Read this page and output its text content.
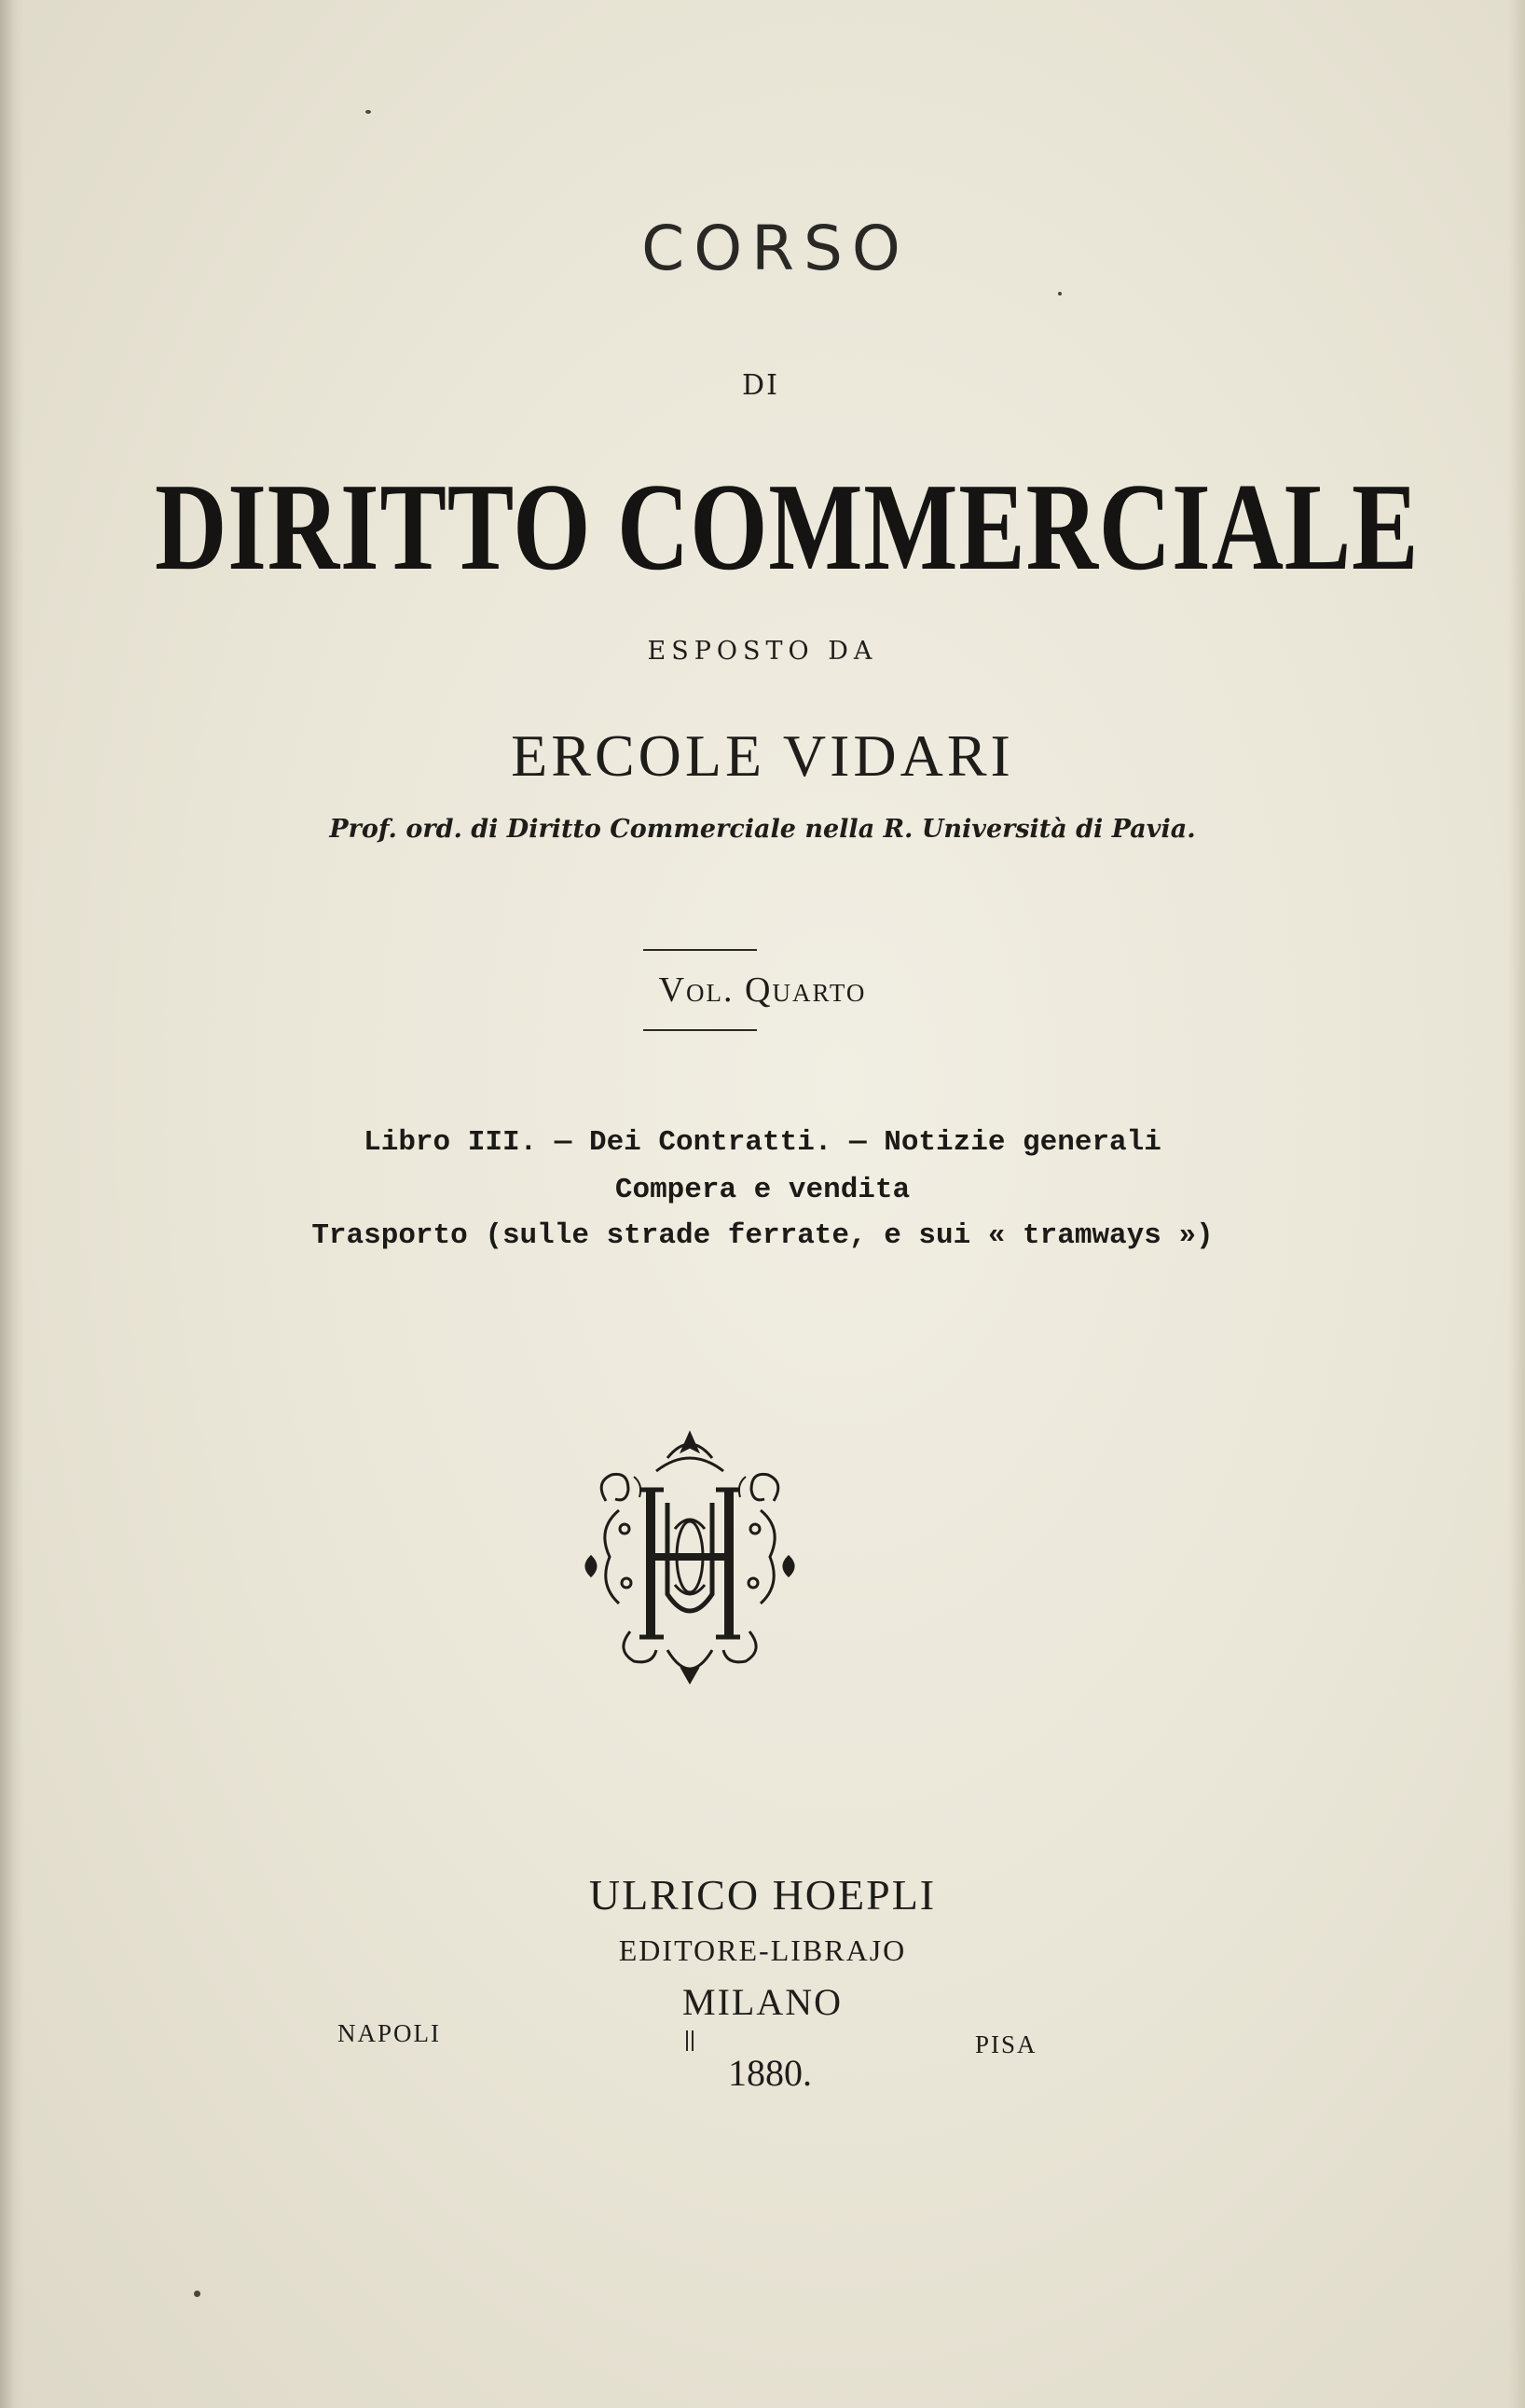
CORSO

DI

DIRITTO COMMERCIALE

ESPOSTO DA

ERCOLE VIDARI

Prof. ord. di Diritto Commerciale nella R. Università di Pavia.

Vol. Quarto

Libro III. — Dei Contratti. — Notizie generali

Compera e vendita

Trasporto (sulle strade ferrate, e sui « tramways »)

ULRICO HOEPLI

EDITORE-LIBRAJO

MILANO

NAPOLI	PISA

1880.
